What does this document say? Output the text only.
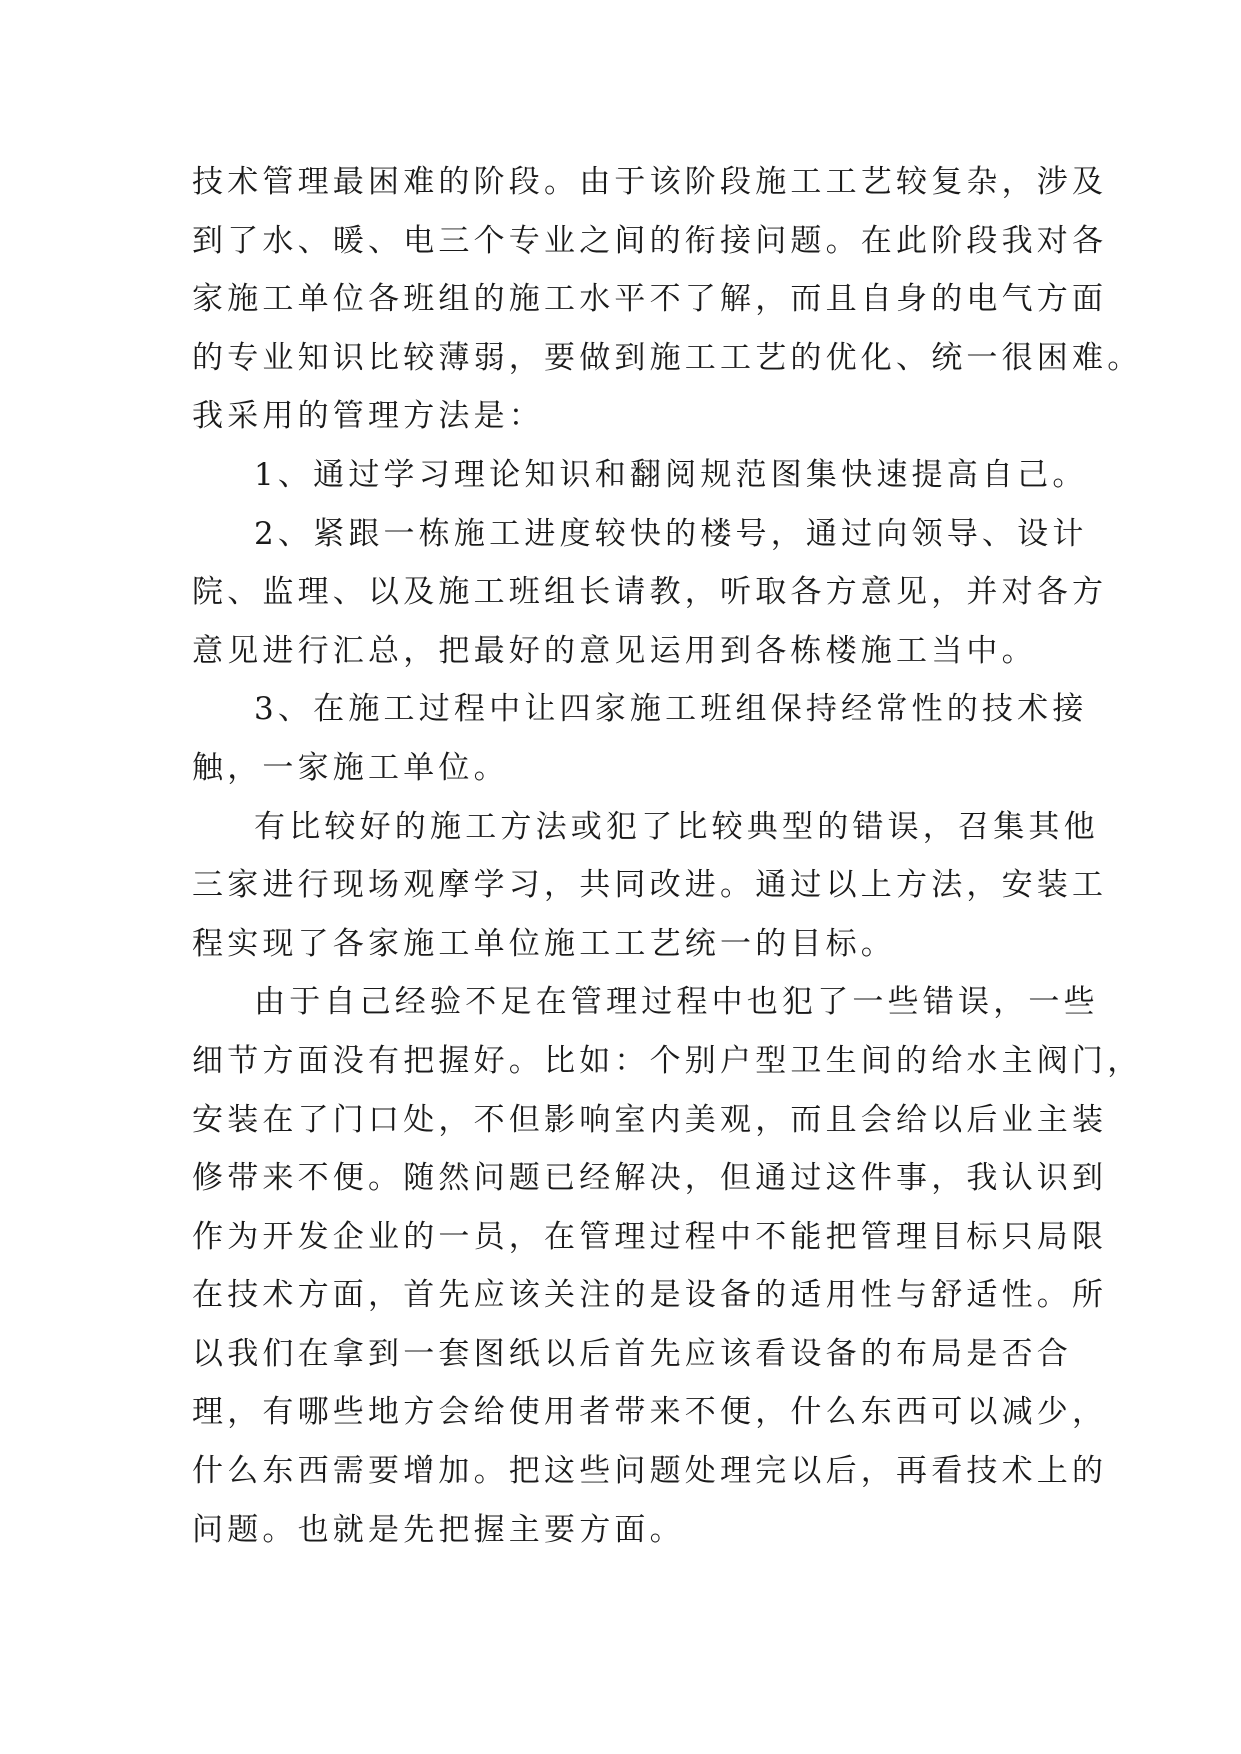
技术管理最困难的阶段。由于该阶段施工工艺较复杂，涉及
到了水、暖、电三个专业之间的衔接问题。在此阶段我对各
家施工单位各班组的施工水平不了解，而且自身的电气方面
的专业知识比较薄弱，要做到施工工艺的优化、统一很困难。
我采用的管理方法是：

1、通过学习理论知识和翻阅规范图集快速提高自己。

2、紧跟一栋施工进度较快的楼号，通过向领导、设计
院、监理、以及施工班组长请教，听取各方意见，并对各方
意见进行汇总，把最好的意见运用到各栋楼施工当中。

3、在施工过程中让四家施工班组保持经常性的技术接
触，一家施工单位。

有比较好的施工方法或犯了比较典型的错误，召集其他
三家进行现场观摩学习，共同改进。通过以上方法，安装工
程实现了各家施工单位施工工艺统一的目标。

由于自己经验不足在管理过程中也犯了一些错误，一些
细节方面没有把握好。比如：个别户型卫生间的给水主阀门，
安装在了门口处，不但影响室内美观，而且会给以后业主装
修带来不便。随然问题已经解决，但通过这件事，我认识到
作为开发企业的一员，在管理过程中不能把管理目标只局限
在技术方面，首先应该关注的是设备的适用性与舒适性。所
以我们在拿到一套图纸以后首先应该看设备的布局是否合
理，有哪些地方会给使用者带来不便，什么东西可以减少，
什么东西需要增加。把这些问题处理完以后，再看技术上的
问题。也就是先把握主要方面。
